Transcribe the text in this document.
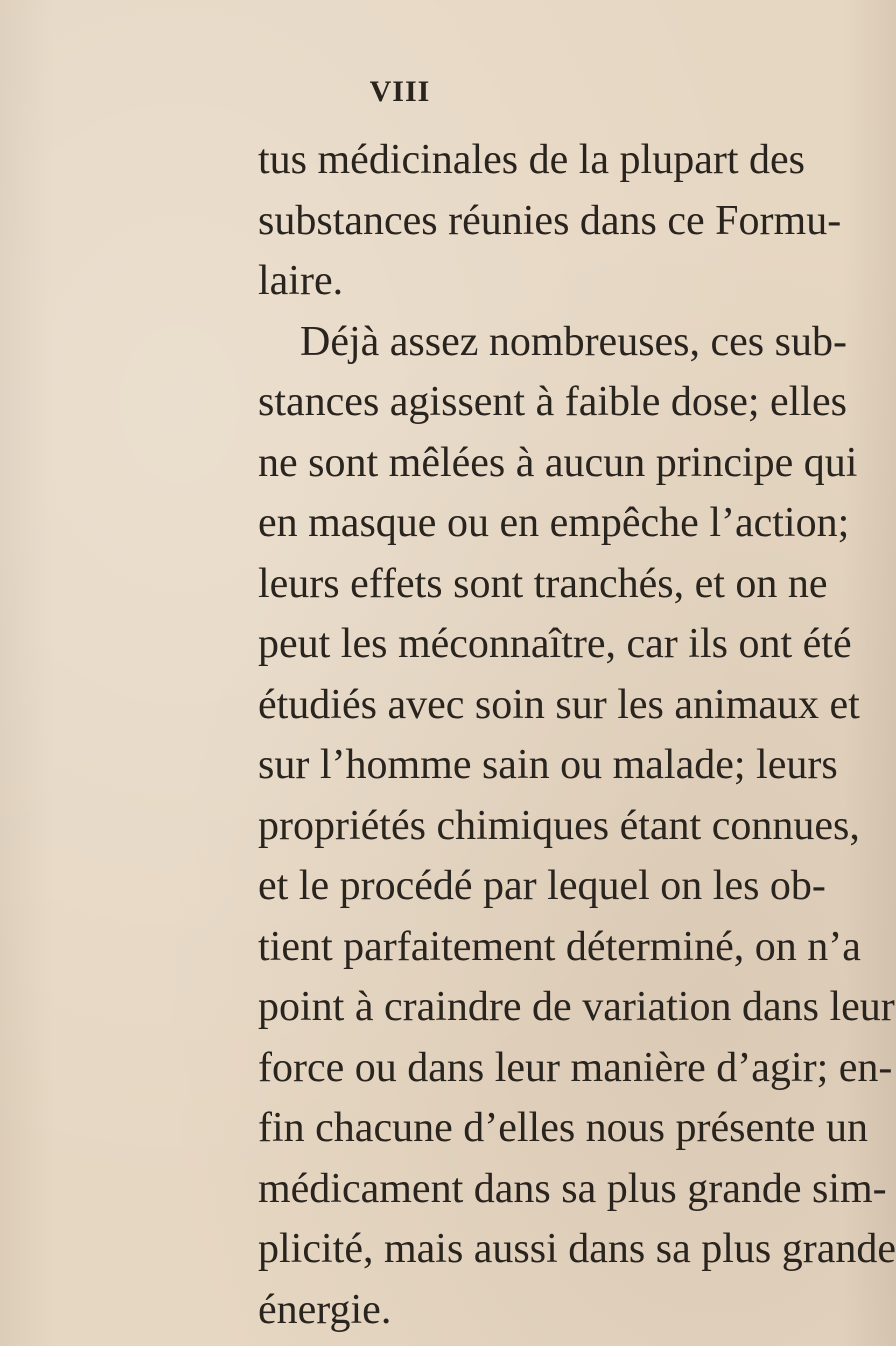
VIII
tus médicinales de la plupart des
substances réunies dans ce Formu-
laire.
Déjà assez nombreuses, ces sub-
stances agissent à faible dose; elles
ne sont mêlées à aucun principe qui
en masque ou en empêche l’action;
leurs effets sont tranchés, et on ne
peut les méconnaître, car ils ont été
étudiés avec soin sur les animaux et
sur l’homme sain ou malade; leurs
propriétés chimiques étant connues,
et le procédé par lequel on les ob-
tient parfaitement déterminé, on n’a
point à craindre de variation dans leur
force ou dans leur manière d’agir; en-
fin chacune d’elles nous présente un
médicament dans sa plus grande sim-
plicité, mais aussi dans sa plus grande
énergie.
